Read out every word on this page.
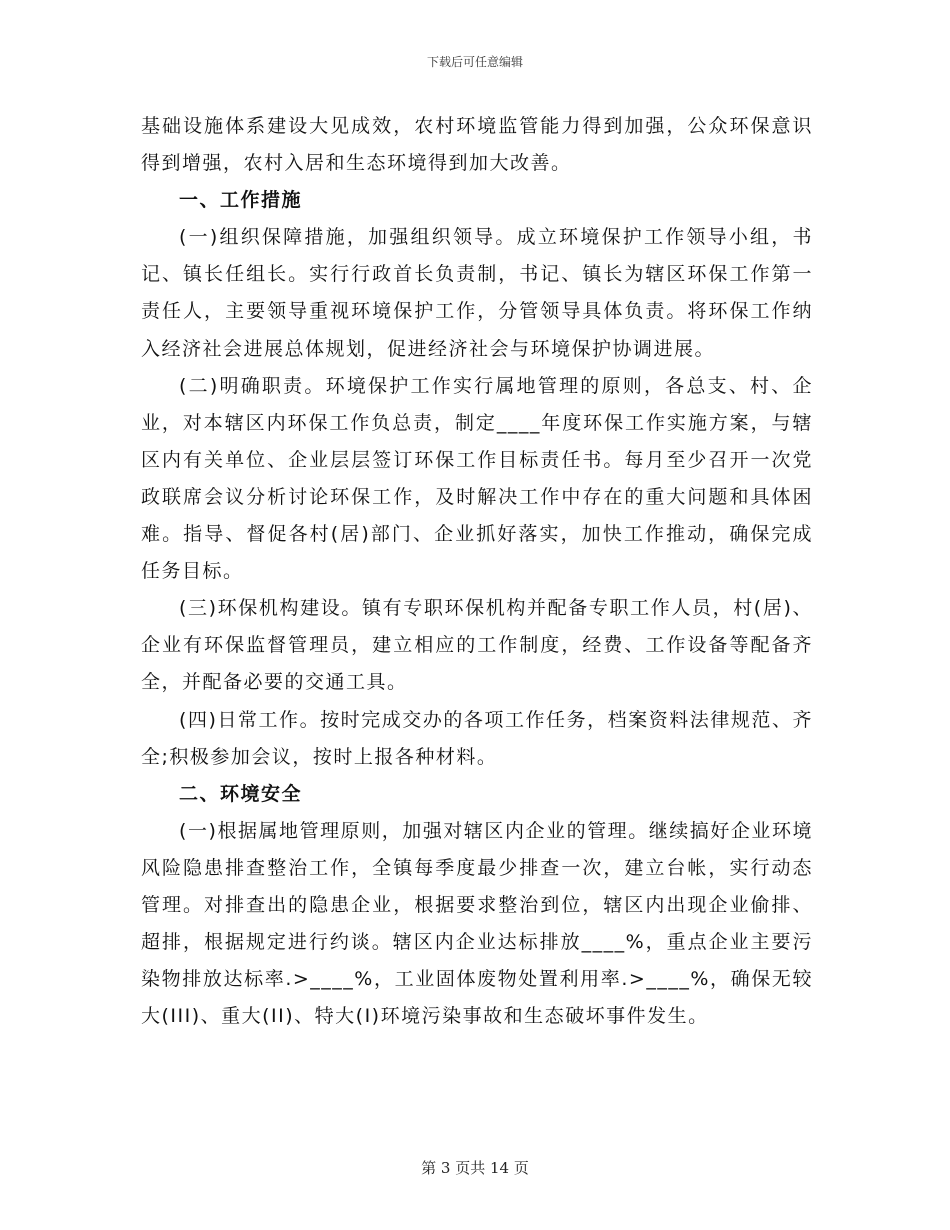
下载后可任意编辑

基础设施体系建设大见成效，农村环境监管能力得到加强，公众环保意识得到增强，农村入居和生态环境得到加大改善。

一、工作措施

(一)组织保障措施，加强组织领导。成立环境保护工作领导小组，书记、镇长任组长。实行行政首长负责制，书记、镇长为辖区环保工作第一责任人，主要领导重视环境保护工作，分管领导具体负责。将环保工作纳入经济社会进展总体规划，促进经济社会与环境保护协调进展。

(二)明确职责。环境保护工作实行属地管理的原则，各总支、村、企业，对本辖区内环保工作负总责，制定____年度环保工作实施方案，与辖区内有关单位、企业层层签订环保工作目标责任书。每月至少召开一次党政联席会议分析讨论环保工作，及时解决工作中存在的重大问题和具体困难。指导、督促各村(居)部门、企业抓好落实，加快工作推动，确保完成任务目标。

(三)环保机构建设。镇有专职环保机构并配备专职工作人员，村(居)、企业有环保监督管理员，建立相应的工作制度，经费、工作设备等配备齐全，并配备必要的交通工具。

(四)日常工作。按时完成交办的各项工作任务，档案资料法律规范、齐全;积极参加会议，按时上报各种材料。

二、环境安全

(一)根据属地管理原则，加强对辖区内企业的管理。继续搞好企业环境风险隐患排查整治工作，全镇每季度最少排查一次，建立台帐，实行动态管理。对排查出的隐患企业，根据要求整治到位，辖区内出现企业偷排、超排，根据规定进行约谈。辖区内企业达标排放____%，重点企业主要污染物排放达标率.>____%，工业固体废物处置利用率.>____%，确保无较大(III)、重大(II)、特大(I)环境污染事故和生态破坏事件发生。

第 3 页共 14 页
